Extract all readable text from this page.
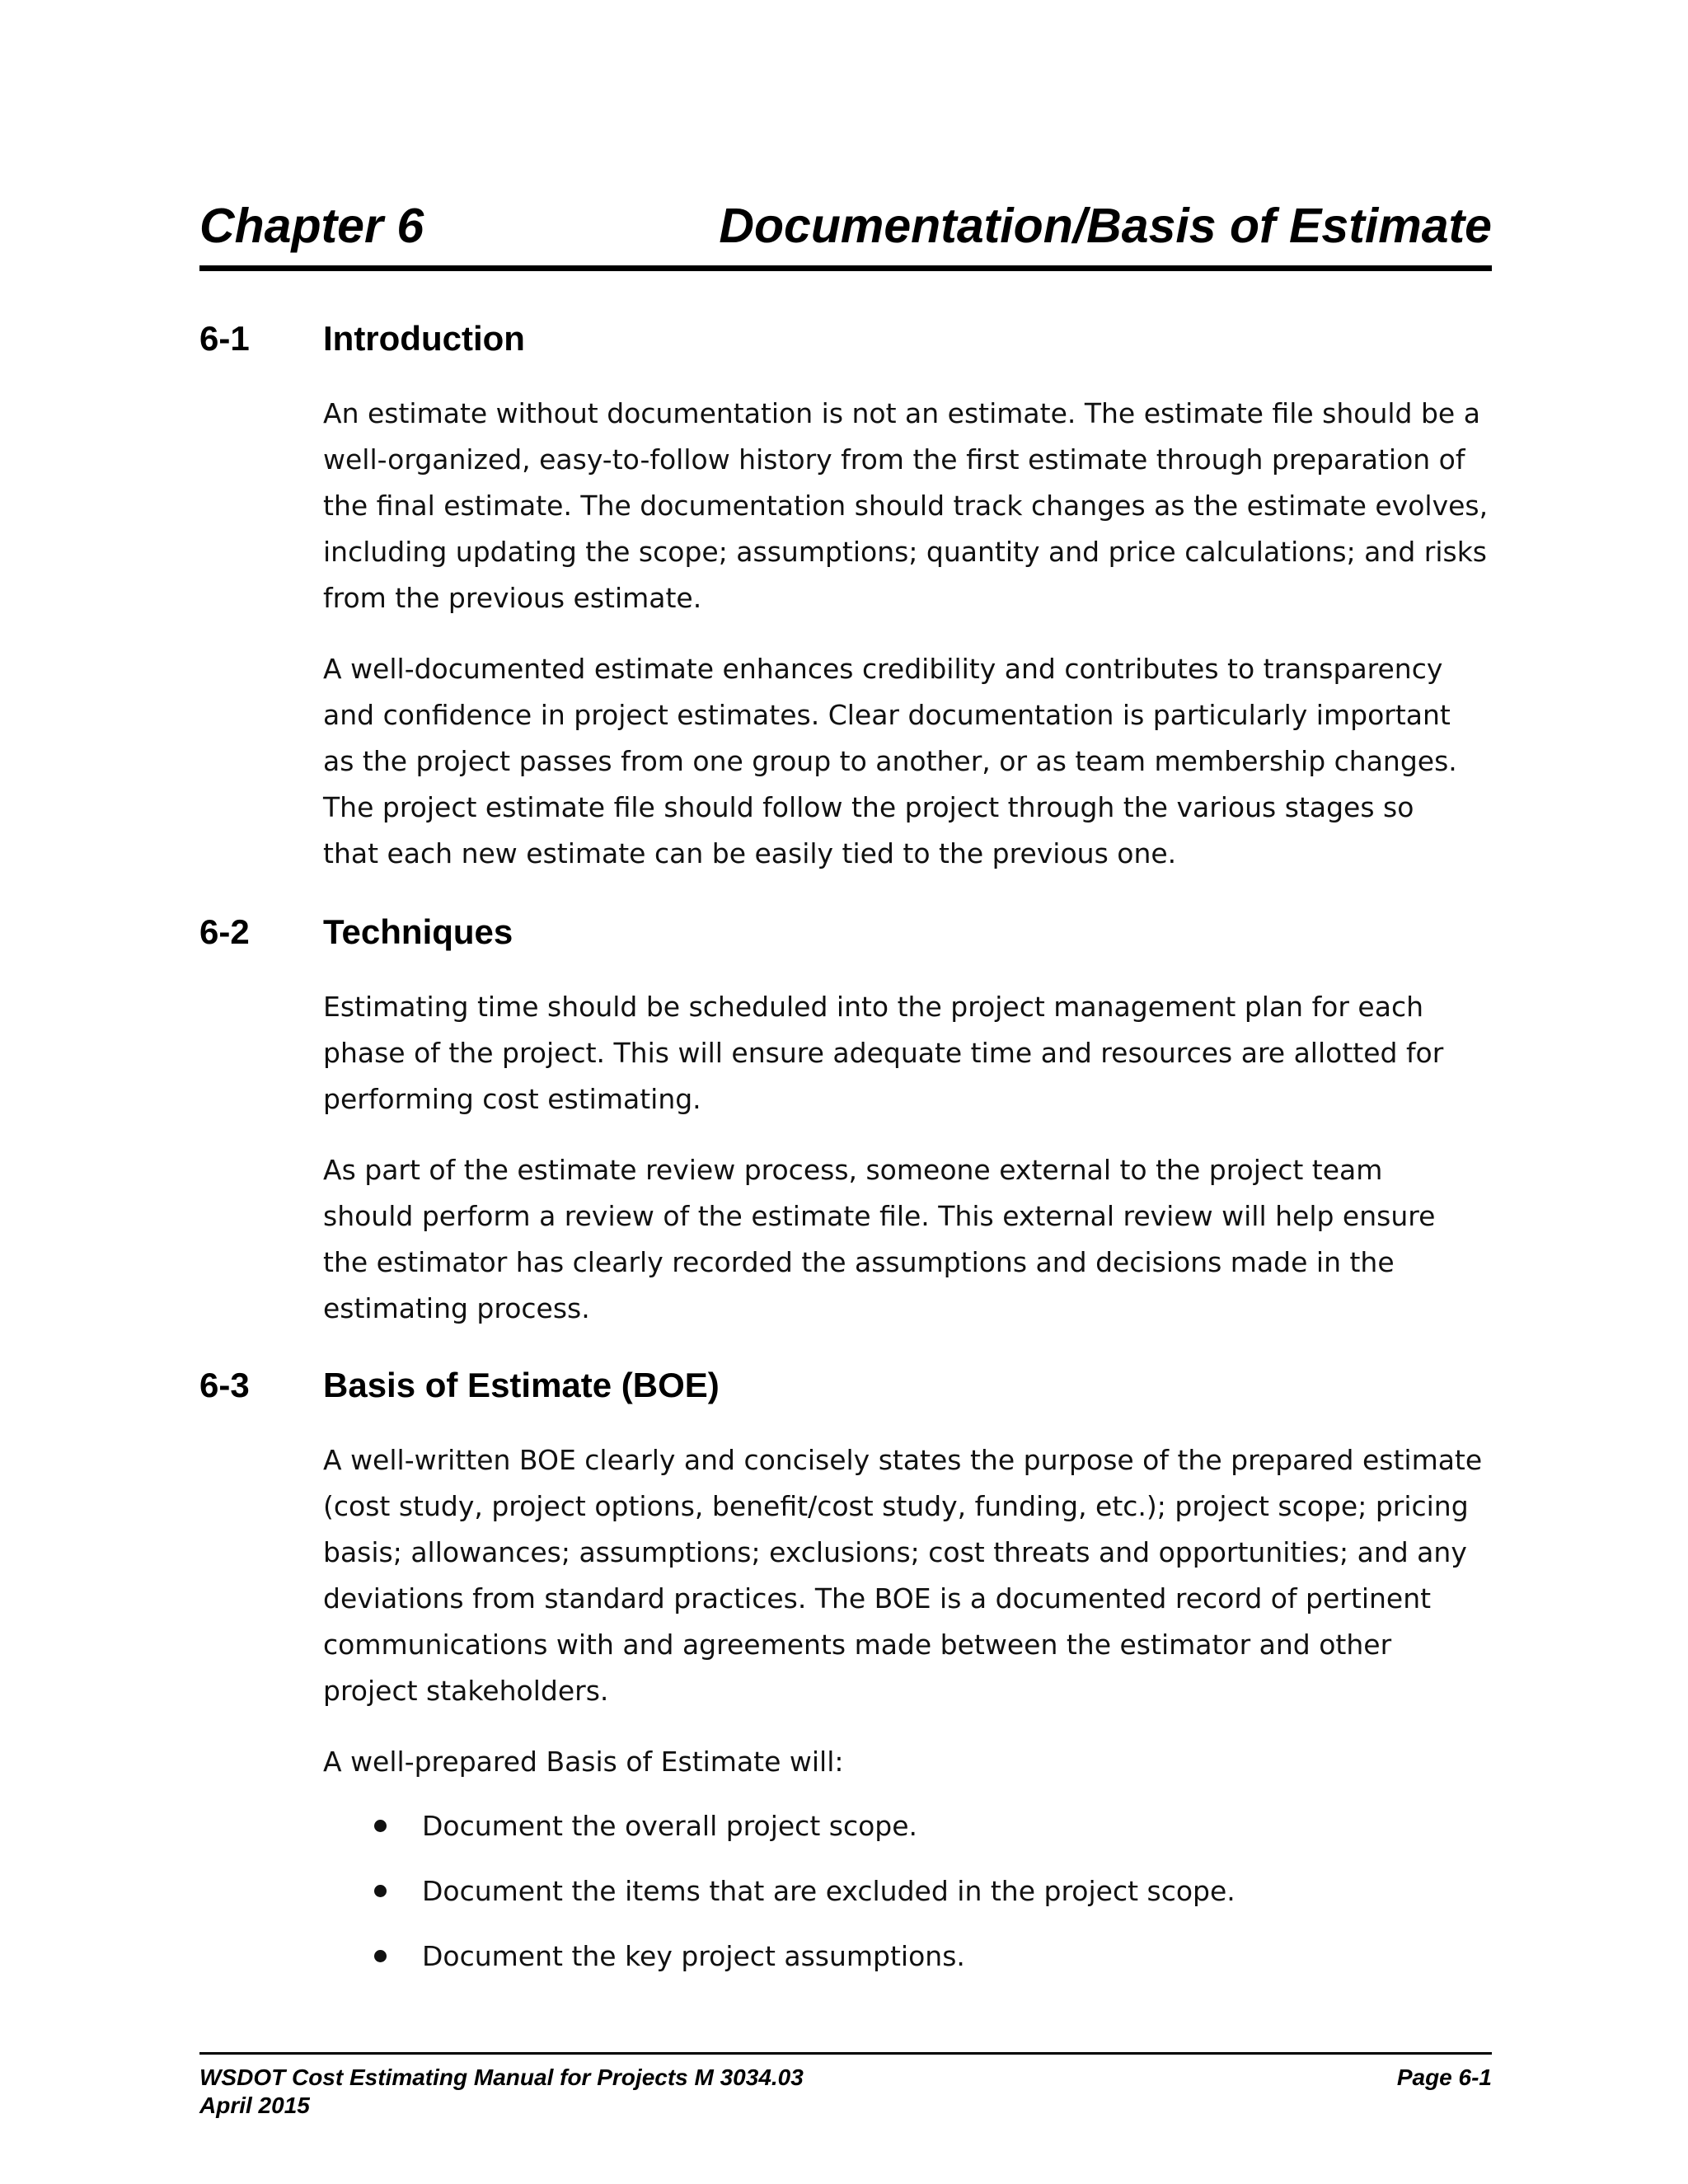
Chapter 6	Documentation/Basis of Estimate
6-1 Introduction

An estimate without documentation is not an estimate. The estimate file should be a
well-organized, easy-to-follow history from the first estimate through preparation of
the final estimate. The documentation should track changes as the estimate evolves,
including updating the scope; assumptions; quantity and price calculations; and risks
from the previous estimate.

A well-documented estimate enhances credibility and contributes to transparency
and confidence in project estimates. Clear documentation is particularly important
as the project passes from one group to another, or as team membership changes.
The project estimate file should follow the project through the various stages so
that each new estimate can be easily tied to the previous one.

6-2 Techniques

Estimating time should be scheduled into the project management plan for each
phase of the project. This will ensure adequate time and resources are allotted for
performing cost estimating.

As part of the estimate review process, someone external to the project team
should perform a review of the estimate file. This external review will help ensure
the estimator has clearly recorded the assumptions and decisions made in the
estimating process.

6-3 Basis of Estimate (BOE)

A well-written BOE clearly and concisely states the purpose of the prepared estimate
(cost study, project options, benefit/cost study, funding, etc.); project scope; pricing
basis; allowances; assumptions; exclusions; cost threats and opportunities; and any
deviations from standard practices. The BOE is a documented record of pertinent
communications with and agreements made between the estimator and other
project stakeholders.

A well-prepared Basis of Estimate will:

Document the overall project scope.
Document the items that are excluded in the project scope.
Document the key project assumptions.
WSDOT Cost Estimating Manual for Projects M 3034.03
April 2015
Page 6-1
